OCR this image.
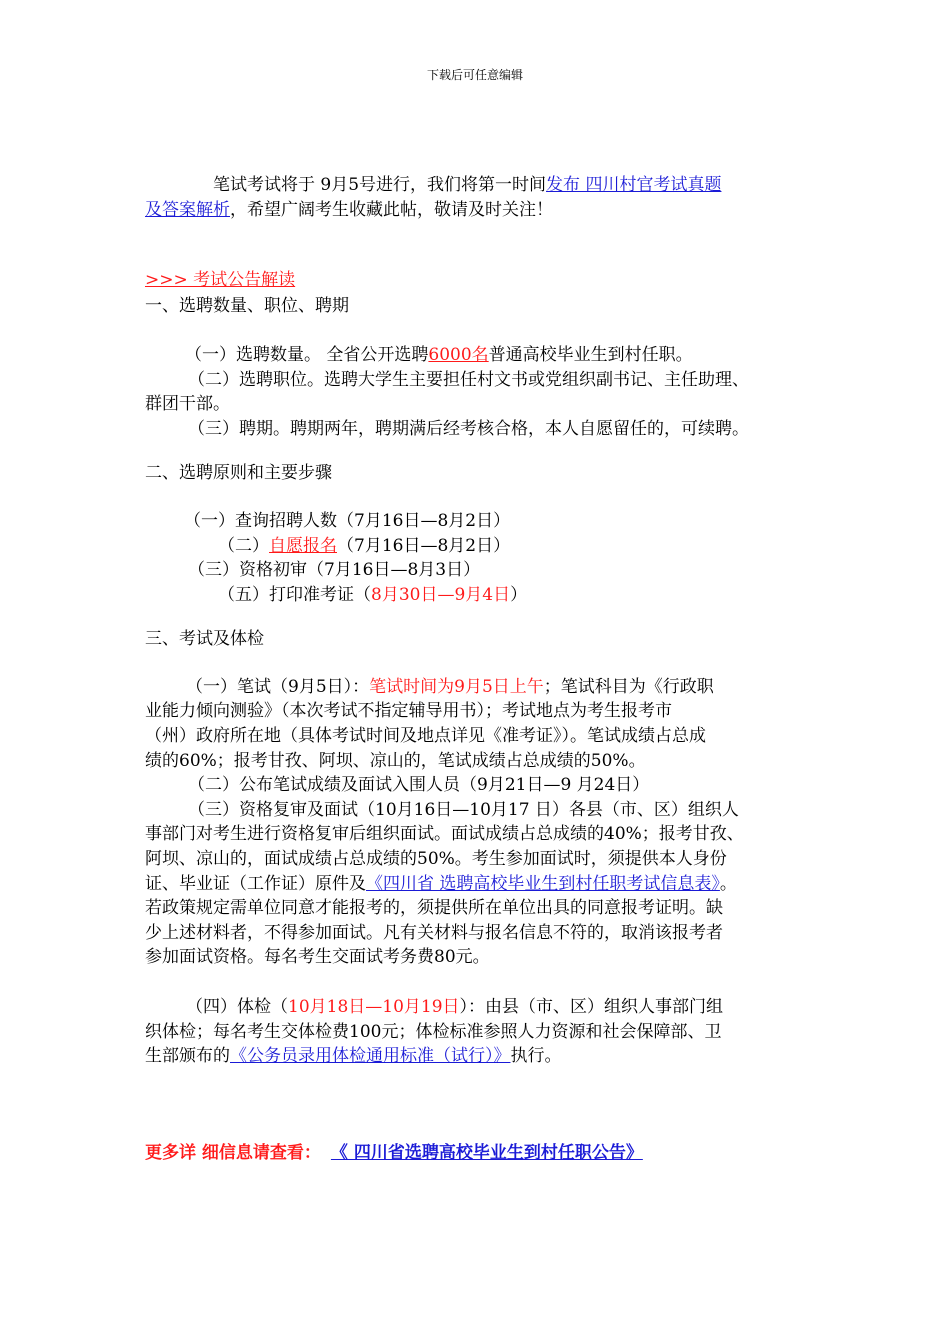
下载后可任意编辑
笔试考试将于 9月5号进行，我们将第一时间发布 四川村官考试真题
及答案解析，希望广阔考生收藏此帖，敬请及时关注！
>>> 考试公告解读
一、选聘数量、职位、聘期
（一）选聘数量。 全省公开选聘6000名普通高校毕业生到村任职。
（二）选聘职位。选聘大学生主要担任村文书或党组织副书记、主任助理、
群团干部。
（三）聘期。聘期两年，聘期满后经考核合格，本人自愿留任的，可续聘。
二、选聘原则和主要步骤
（一）查询招聘人数（7月16日—8月2日）
（二）自愿报名（7月16日—8月2日）
（三）资格初审（7月16日—8月3日）
（五）打印准考证（8月30日—9月4日）
三、考试及体检
（一）笔试（9月5日）：笔试时间为9月5日上午；笔试科目为《行政职
业能力倾向测验》（本次考试不指定辅导用书）；考试地点为考生报考市
（州）政府所在地（具体考试时间及地点详见《准考证》）。笔试成绩占总成
绩的60%；报考甘孜、阿坝、凉山的，笔试成绩占总成绩的50%。
（二）公布笔试成绩及面试入围人员（9月21日—9 月24日）
（三）资格复审及面试（10月16日—10月17 日）各县（市、区）组织人
事部门对考生进行资格复审后组织面试。面试成绩占总成绩的40%；报考甘孜、
阿坝、凉山的，面试成绩占总成绩的50%。考生参加面试时，须提供本人身份
证、毕业证（工作证）原件及《四川省 选聘高校毕业生到村任职考试信息表》。
若政策规定需单位同意才能报考的，须提供所在单位出具的同意报考证明。缺
少上述材料者，不得参加面试。凡有关材料与报名信息不符的，取消该报考者
参加面试资格。每名考生交面试考务费80元。
（四）体检（10月18日—10月19日）：由县（市、区）组织人事部门组
织体检；每名考生交体检费100元；体检标准参照人力资源和社会保障部、卫
生部颁布的《公务员录用体检通用标准（试行）》执行。
更多详 细信息请查看： 《 四川省选聘高校毕业生到村任职公告》
